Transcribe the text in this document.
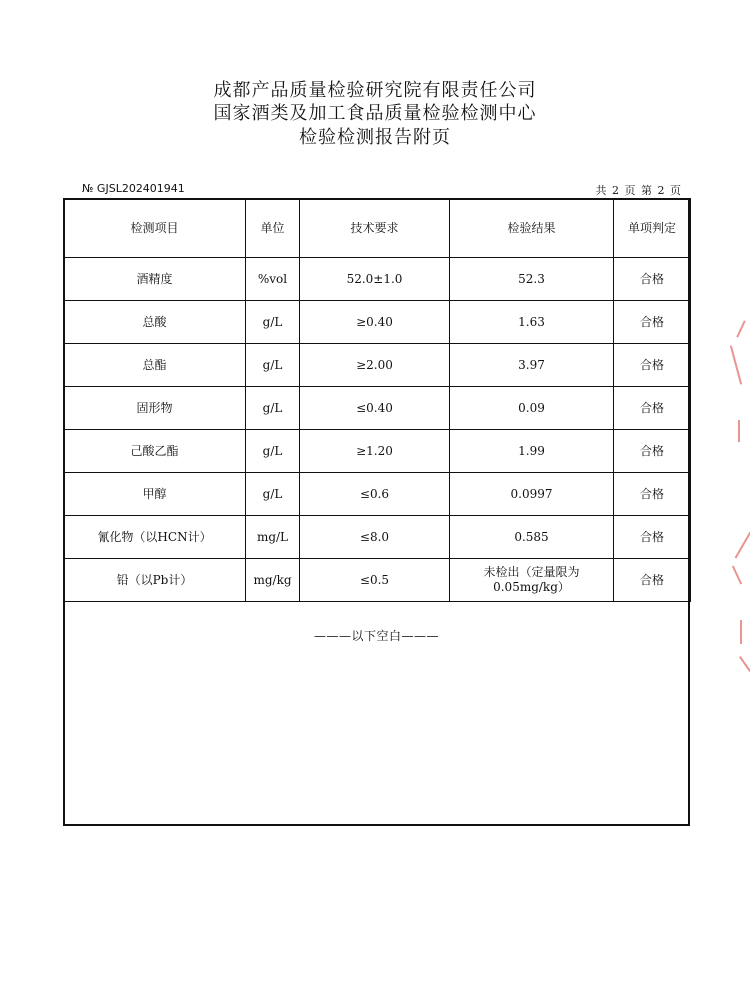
成都产品质量检验研究院有限责任公司
国家酒类及加工食品质量检验检测中心
检验检测报告附页
№ GJSL202401941	共 2 页 第 2 页
检测项目	单位	技术要求	检验结果	单项判定
酒精度	%vol	52.0±1.0	52.3	合格
总酸	g/L	≥0.40	1.63	合格
总酯	g/L	≥2.00	3.97	合格
固形物	g/L	≤0.40	0.09	合格
己酸乙酯	g/L	≥1.20	1.99	合格
甲醇	g/L	≤0.6	0.0997	合格
氰化物（以HCN计）	mg/L	≤8.0	0.585	合格
铅（以Pb计）	mg/kg	≤0.5	未检出（定量限为0.05mg/kg）	合格
———以下空白———
